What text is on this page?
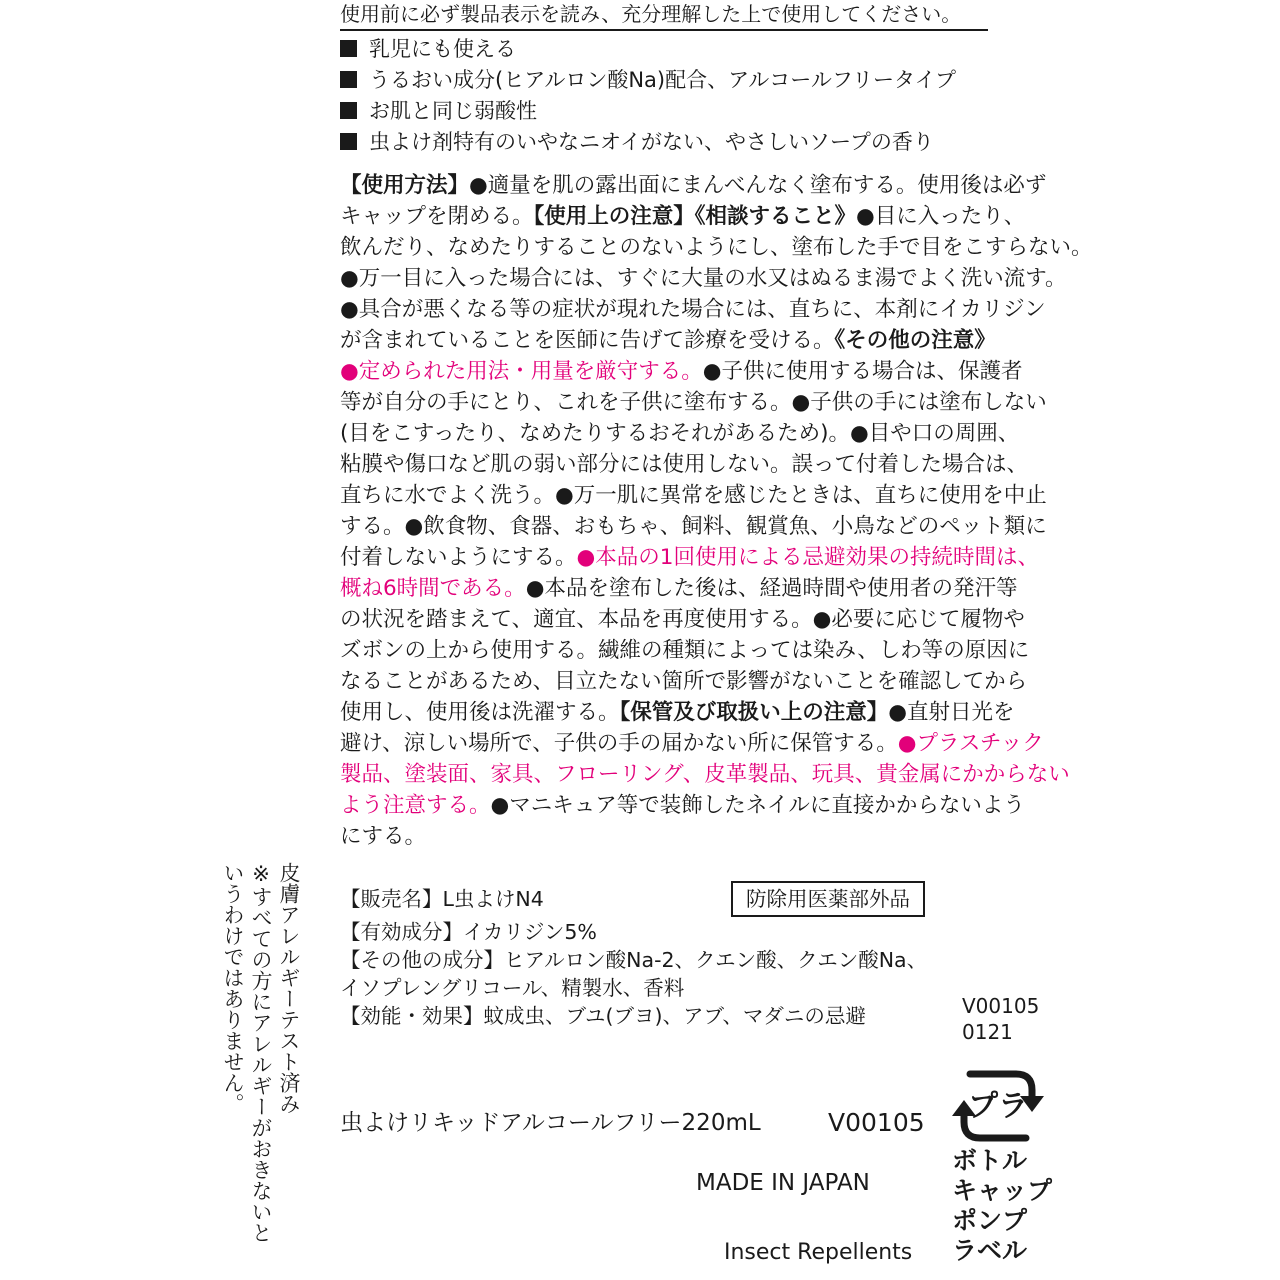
使用前に必ず製品表示を読み、充分理解した上で使用してください。
乳児にも使える
うるおい成分(ヒアルロン酸Na)配合、アルコールフリータイプ
お肌と同じ弱酸性
虫よけ剤特有のいやなニオイがない、やさしいソープの香り
【使用方法】●適量を肌の露出面にまんべんなく塗布する。使用後は必ず
キャップを閉める。【使用上の注意】《相談すること》●目に入ったり、
飲んだり、なめたりすることのないようにし、塗布した手で目をこすらない。
●万一目に入った場合には、すぐに大量の水又はぬるま湯でよく洗い流す。
●具合が悪くなる等の症状が現れた場合には、直ちに、本剤にイカリジン
が含まれていることを医師に告げて診療を受ける。《その他の注意》
●定められた用法・用量を厳守する。●子供に使用する場合は、保護者
等が自分の手にとり、これを子供に塗布する。●子供の手には塗布しない
(目をこすったり、なめたりするおそれがあるため)。●目や口の周囲、
粘膜や傷口など肌の弱い部分には使用しない。誤って付着した場合は、
直ちに水でよく洗う。●万一肌に異常を感じたときは、直ちに使用を中止
する。●飲食物、食器、おもちゃ、飼料、観賞魚、小鳥などのペット類に
付着しないようにする。●本品の1回使用による忌避効果の持続時間は、
概ね6時間である。●本品を塗布した後は、経過時間や使用者の発汗等
の状況を踏まえて、適宜、本品を再度使用する。●必要に応じて履物や
ズボンの上から使用する。繊維の種類によっては染み、しわ等の原因に
なることがあるため、目立たない箇所で影響がないことを確認してから
使用し、使用後は洗濯する。【保管及び取扱い上の注意】●直射日光を
避け、涼しい場所で、子供の手の届かない所に保管する。●プラスチック
製品、塗装面、家具、フローリング、皮革製品、玩具、貴金属にかからない
よう注意する。●マニキュア等で装飾したネイルに直接かからないよう
にする。
【販売名】L虫よけN4	防除用医薬部外品
【有効成分】イカリジン5%
【その他の成分】ヒアルロン酸Na-2、クエン酸、クエン酸Na、
イソプレングリコール、精製水、香料
【効能・効果】蚊成虫、ブユ(ブヨ)、アブ、マダニの忌避
皮膚アレルギーテスト済み
※すべての方にアレルギーがおきないと
いうわけではありません。	V00105
0121
プラ
ボトル
キャップ
ポンプ
ラベル
虫よけリキッドアルコールフリー220mL	V00105
MADE IN JAPAN
Insect Repellents
